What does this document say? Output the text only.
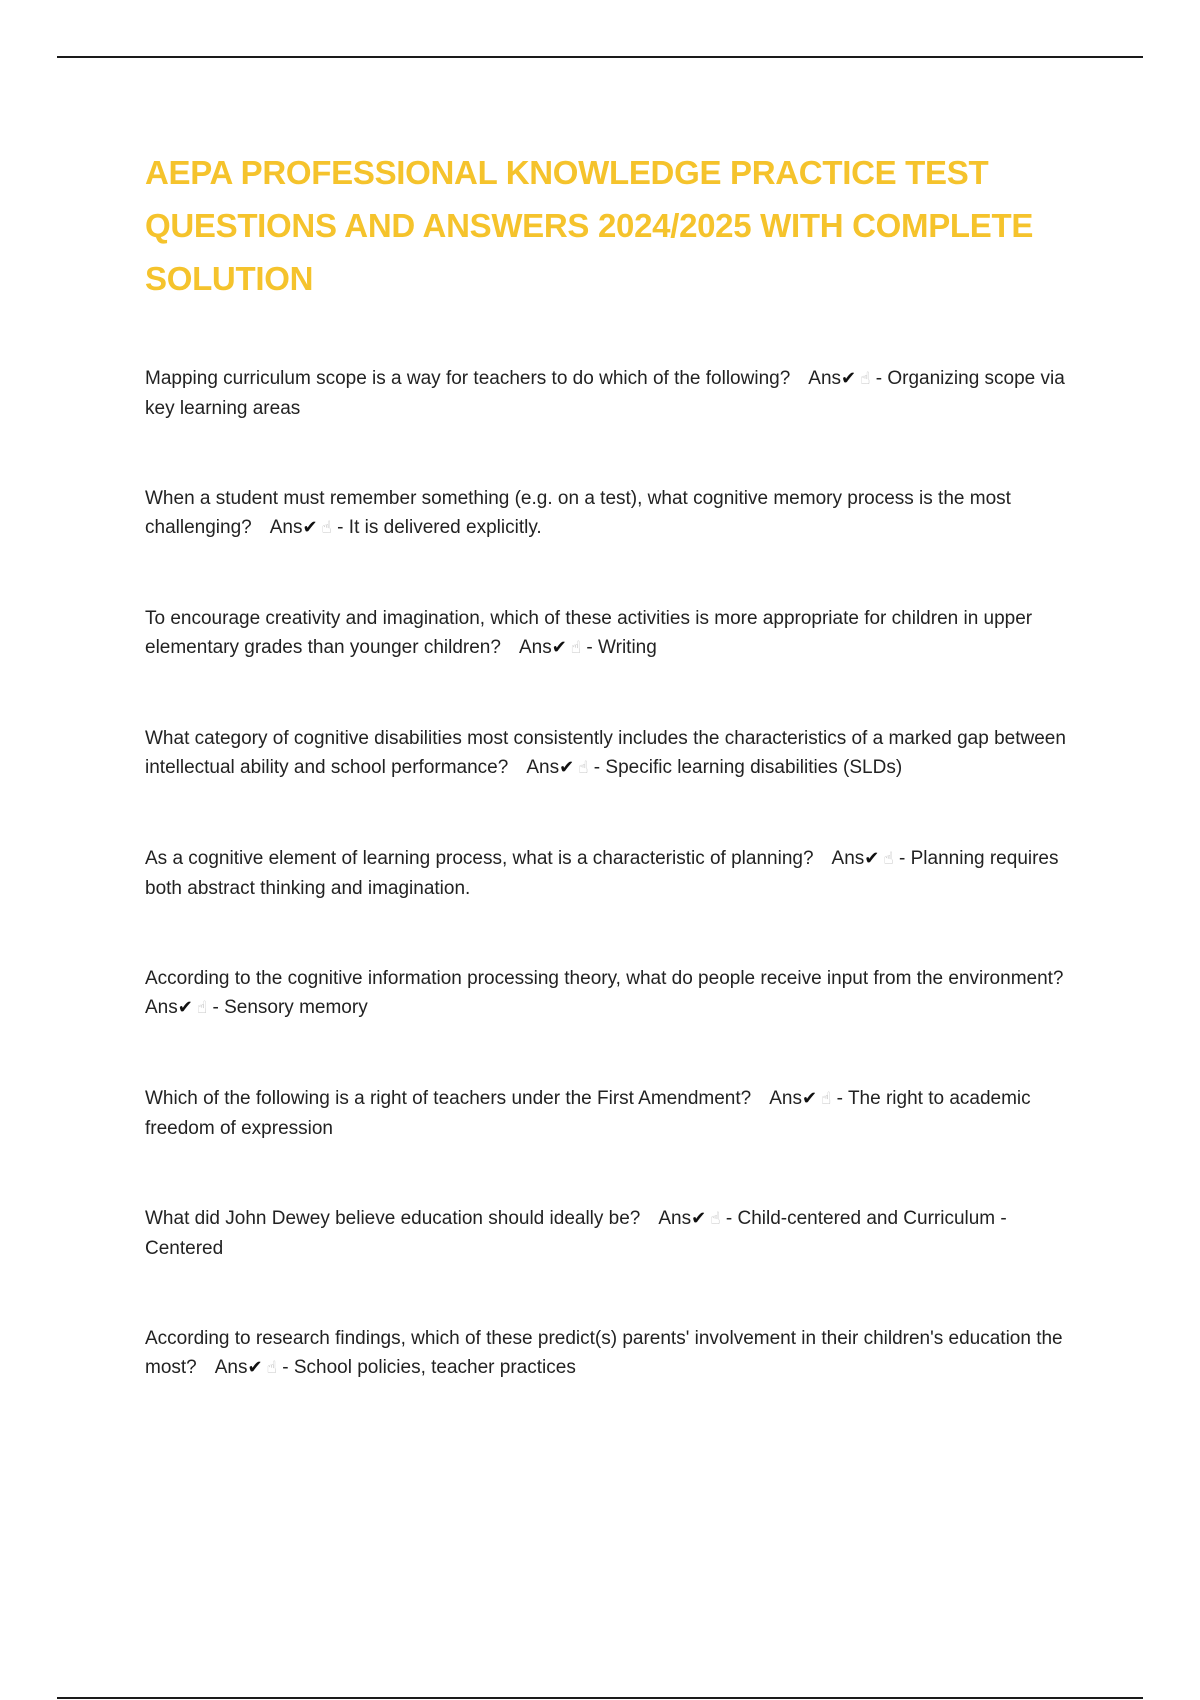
AEPA PROFESSIONAL KNOWLEDGE PRACTICE TEST QUESTIONS AND ANSWERS 2024/2025 WITH COMPLETE SOLUTION
Mapping curriculum scope is a way for teachers to do which of the following? Ans✔ ☝ - Organizing scope via key learning areas
When a student must remember something (e.g. on a test), what cognitive memory process is the most challenging? Ans✔ ☝ - It is delivered explicitly.
To encourage creativity and imagination, which of these activities is more appropriate for children in upper elementary grades than younger children? Ans✔ ☝ - Writing
What category of cognitive disabilities most consistently includes the characteristics of a marked gap between intellectual ability and school performance? Ans✔ ☝ - Specific learning disabilities (SLDs)
As a cognitive element of learning process, what is a characteristic of planning? Ans✔ ☝ - Planning requires both abstract thinking and imagination.
According to the cognitive information processing theory, what do people receive input from the environment?Ans✔ ☝ - Sensory memory
Which of the following is a right of teachers under the First Amendment? Ans✔ ☝ - The right to academic freedom of expression
What did John Dewey believe education should ideally be? Ans✔ ☝ - Child-centered and Curriculum - Centered
According to research findings, which of these predict(s) parents' involvement in their children's education the most? Ans✔ ☝ - School policies, teacher practices
